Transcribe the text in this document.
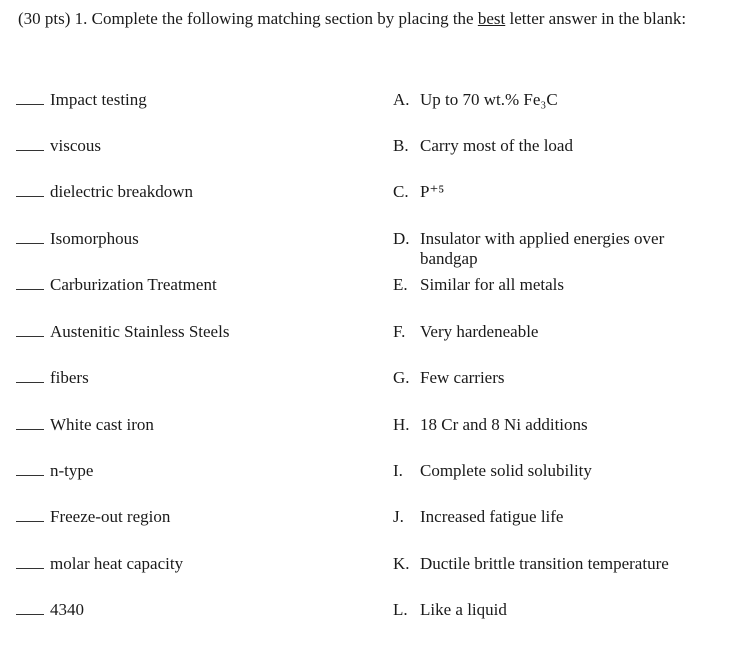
(30 pts) 1. Complete the following matching section by placing the best letter answer in the blank:
Impact testing
viscous
dielectric breakdown
Isomorphous
Carburization Treatment
Austenitic Stainless Steels
fibers
White cast iron
n-type
Freeze-out region
molar heat capacity
4340
A. Up to 70 wt.% Fe₃C
B. Carry most of the load
C. P⁺⁵
D. Insulator with applied energies over bandgap
E. Similar for all metals
F. Very hardeneable
G. Few carriers
H. 18 Cr and 8 Ni additions
I. Complete solid solubility
J. Increased fatigue life
K. Ductile brittle transition temperature
L. Like a liquid
